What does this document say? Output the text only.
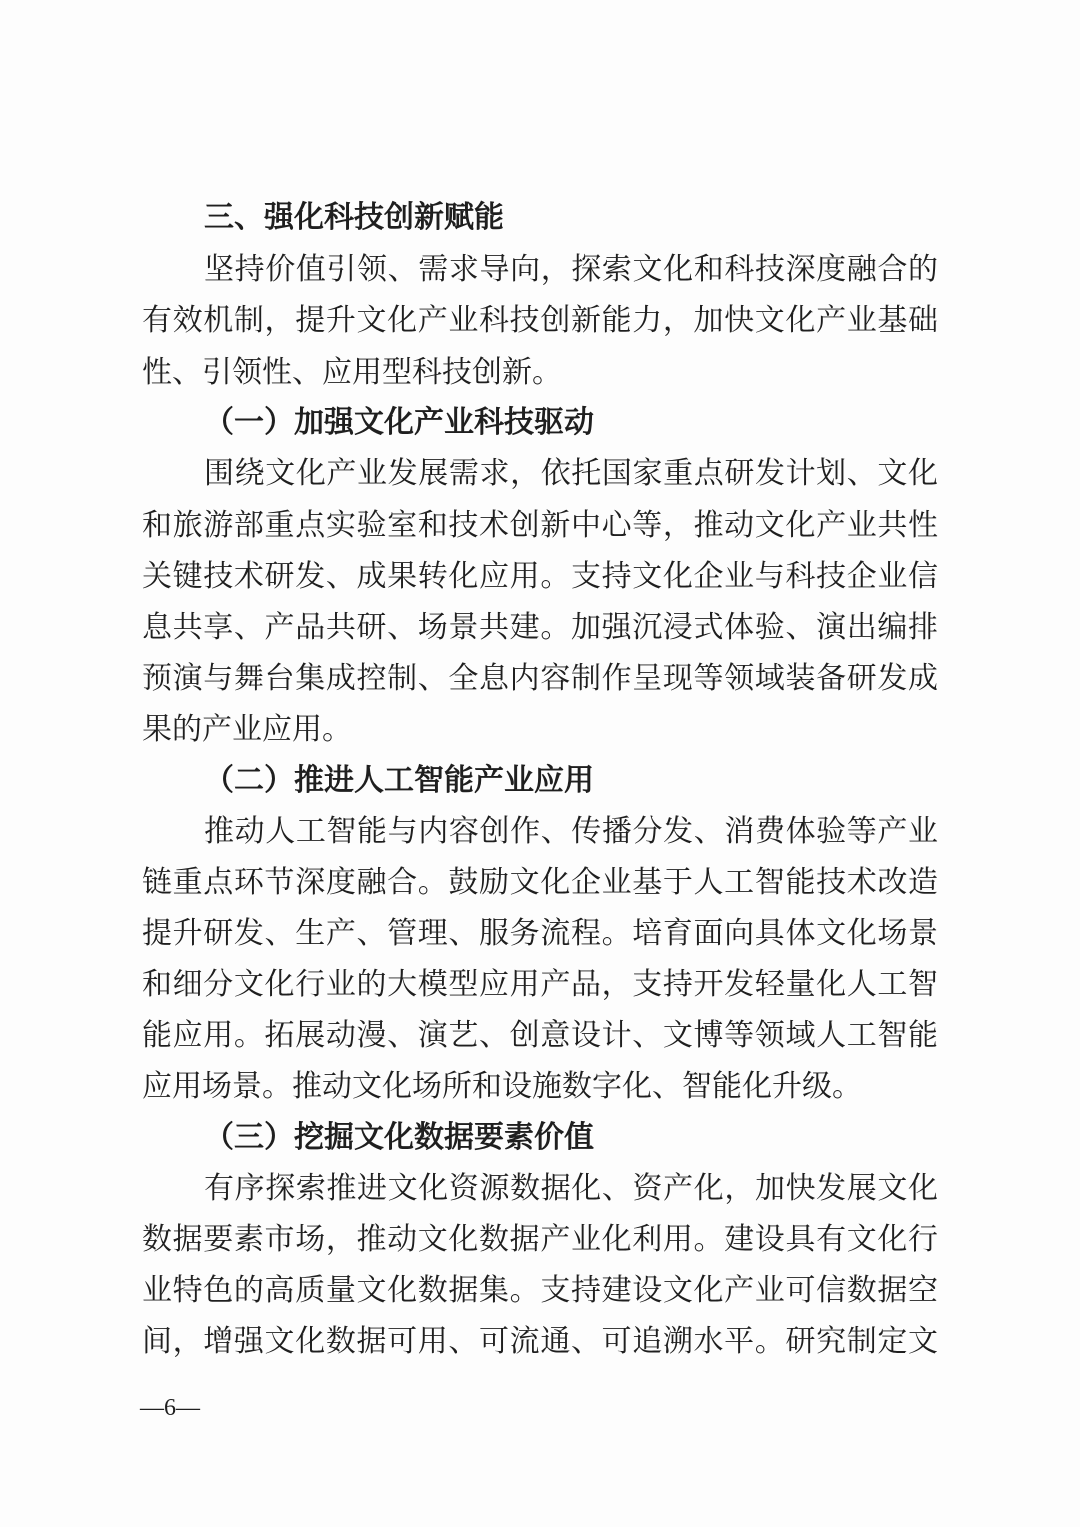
三、强化科技创新赋能
坚持价值引领、需求导向，探索文化和科技深度融合的
有效机制，提升文化产业科技创新能力，加快文化产业基础
性、引领性、应用型科技创新。
（一）加强文化产业科技驱动
围绕文化产业发展需求，依托国家重点研发计划、文化
和旅游部重点实验室和技术创新中心等，推动文化产业共性
关键技术研发、成果转化应用。支持文化企业与科技企业信
息共享、产品共研、场景共建。加强沉浸式体验、演出编排
预演与舞台集成控制、全息内容制作呈现等领域装备研发成
果的产业应用。
（二）推进人工智能产业应用
推动人工智能与内容创作、传播分发、消费体验等产业
链重点环节深度融合。鼓励文化企业基于人工智能技术改造
提升研发、生产、管理、服务流程。培育面向具体文化场景
和细分文化行业的大模型应用产品，支持开发轻量化人工智
能应用。拓展动漫、演艺、创意设计、文博等领域人工智能
应用场景。推动文化场所和设施数字化、智能化升级。
（三）挖掘文化数据要素价值
有序探索推进文化资源数据化、资产化，加快发展文化
数据要素市场，推动文化数据产业化利用。建设具有文化行
业特色的高质量文化数据集。支持建设文化产业可信数据空
间，增强文化数据可用、可流通、可追溯水平。研究制定文
—6—
